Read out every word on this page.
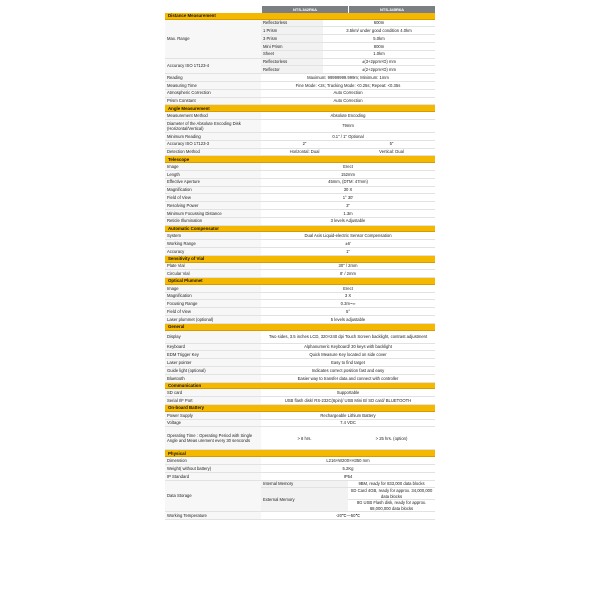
NTS-342R6A	NTS-345R6A
Distance Measurement
Max. Range	Reflectorless	600m
	1 Prism	3.5km/ under good condition 4.0km
	3 Prism	5.0km
	Mini Prism	800m
	Sheet	1.0km
Accuracy ISO 17123-4	Reflectorless	±(3+2ppm×D) mm
	Reflector	±(2+2ppm×D) mm
Reading	Maximum: 99999999.999m; Minimum: 1mm	
Measuring Time	Fine Mode: <2s; Tracking Mode: <0.25s; Repeat: <0.35s	
Atmospheric Correction	Auto Correction	
Prism Constant	Auto Correction	
Angle Measurement
Measurement Method	Absolute Encoding	
Diameter of the Absolute Encoding Disk (Horizontal/Vertical)	79mm	
Minimum Reading	0.1" / 1" Optional	
Accuracy ISO 17123-3	2"	5"
Detection Method	Horizontal: Dual	Vertical: Dual
Telescope
Image	Erect
Length	152mm
Effective Aperture	45mm, (DTM: 47mm)
Magnification	30 X
Field of View	1° 30'
Resolving Power	3"
Minimum Focussing Distance	1.3m
Reticle Illumination	3 levels Adjustable
Automatic Compensator
System	Dual Axis Liquid-electric Sensor Compensation
Working Range	±6'
Accuracy	1"
Sensitivity of Vial
Plate Vial	30" / 2mm
Circular Vial	8' / 2mm
Optical Plummet
Image	Erect
Magnification	3 X
Focusing Range	0.3m~∞
Field of View	5°
Laser plummet (optional)	5 levels adjustable
General
Display	Two sides, 3.5 inches LCD, 320×240 dpi Touch Screen backlight, contrast adjustment
Keyboard	Alphanumeric Keyboard/ 30 keys with backlight
EDM Trigger Key	Quick Measure Key located on side cover
Laser pointer	Easy to find target
Guide light (optional)	Indicates correct position fast and easy
Bluetooth	Easier way to transfer data and connect with controller
Communication
SD card	Supportable
Serial I/F Port	USB flash disk/ RS-232C(6pin)/ USB Mini B/ SD card/ BLUETOOTH
On-board Battery
Power Supply	Rechargeable Lithium Battery	
Voltage	7.4 VDC	
Operating Time : Operating Period with Single Angle and Meas urement every 30 senconds	> 8 hrs.	> 25 hrs. (option)
Physical
Dimension	L216×W200×H350 mm	
Weight( without battery)	5.2Kg	
IP Standard	IP54	
Data Storage	Internal Memory	9BM, ready for 833,000 data blocks
	External Memory	SD Card 4GB, ready for approx. 34,000,000 data blocks
		8G USB Flash disk, ready for approx. 68,000,000 data blocks
Working Temperature	-20℃—50℃	
